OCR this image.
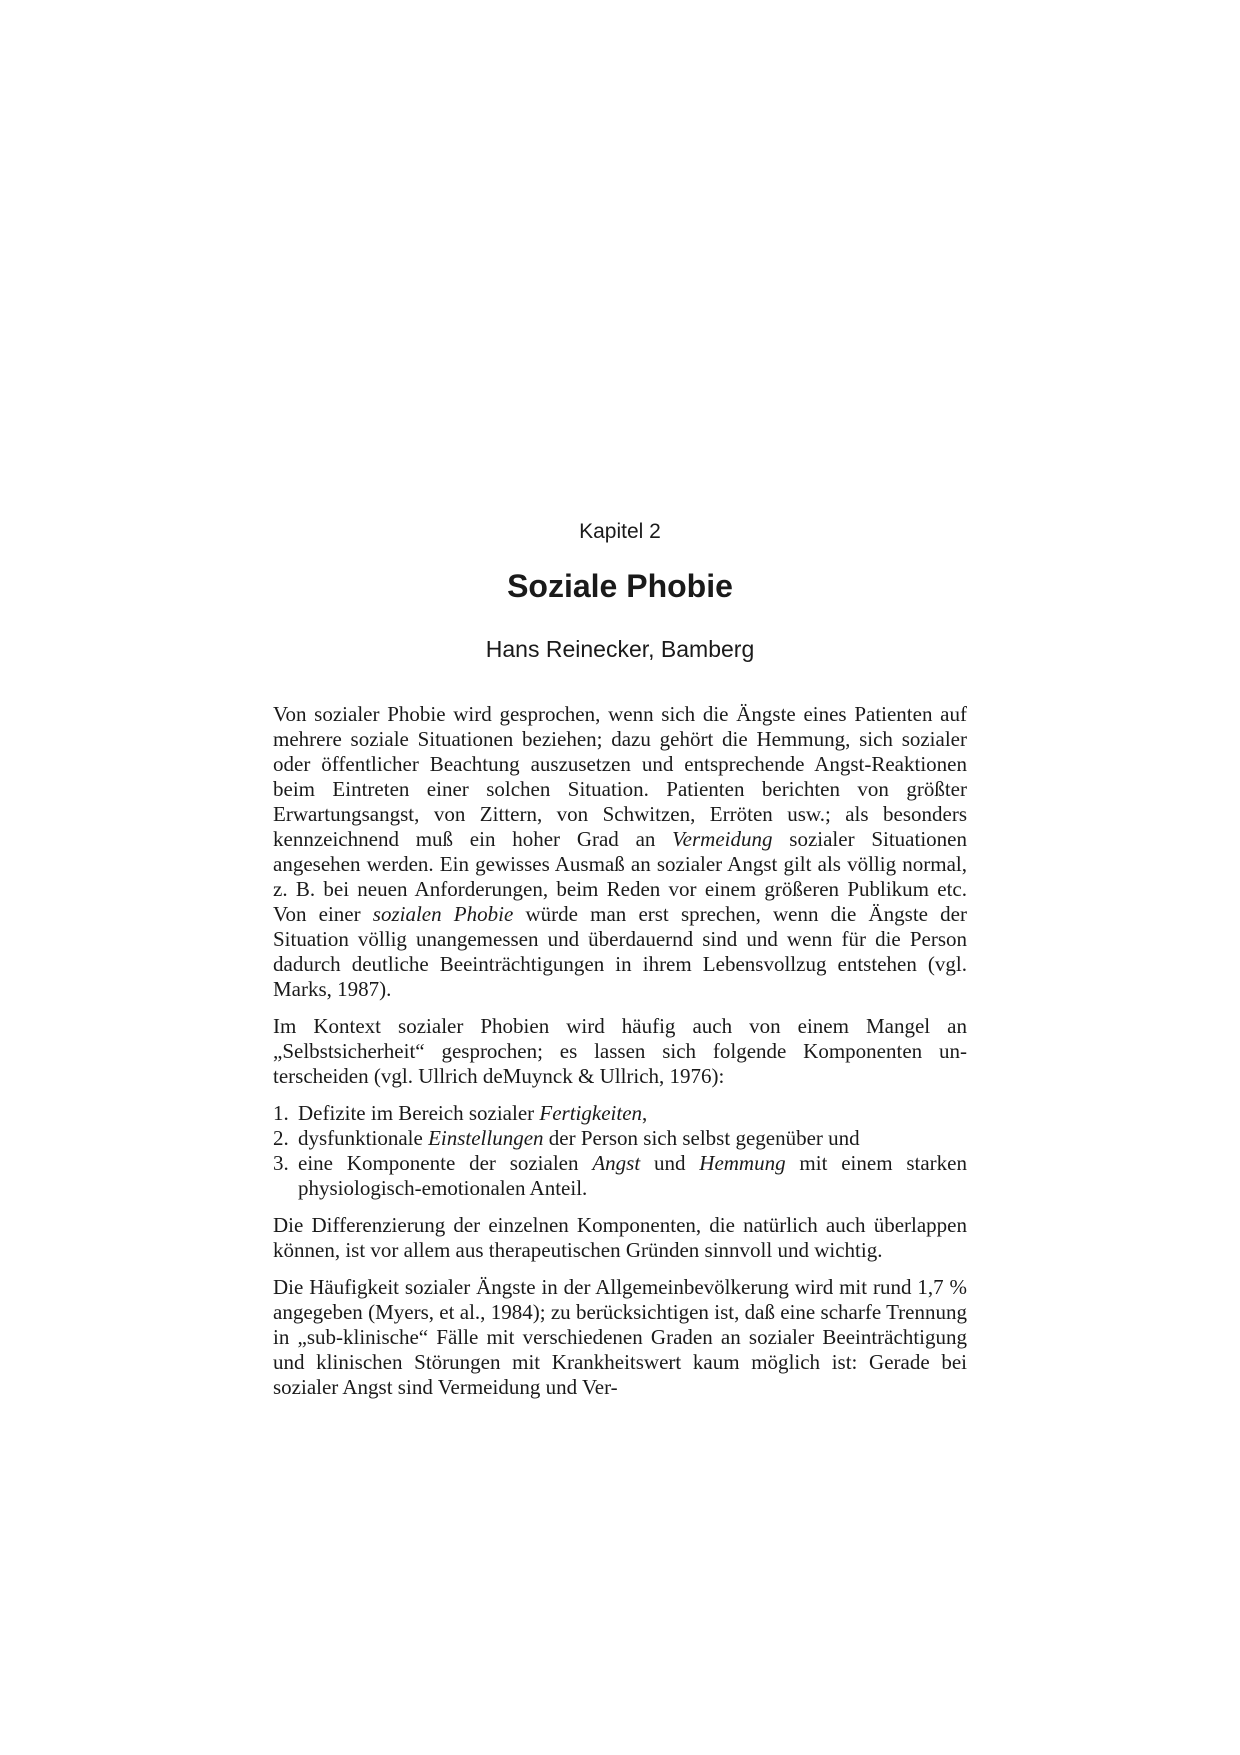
Kapitel 2
Soziale Phobie
Hans Reinecker, Bamberg

Von sozialer Phobie wird gesprochen, wenn sich die Ängste eines Patienten auf mehrere soziale Situationen beziehen; dazu gehört die Hemmung, sich sozialer oder öffentlicher Beachtung auszusetzen und entsprechende Angst-Reaktionen beim Eintreten einer solchen Situation. Patienten berichten von größter Erwartungsangst, von Zittern, von Schwitzen, Erröten usw.; als besonders kennzeichnend muß ein hoher Grad an Vermeidung sozialer Situationen angesehen werden. Ein gewisses Ausmaß an sozialer Angst gilt als völlig normal, z. B. bei neuen Anforderungen, beim Reden vor einem größeren Publikum etc. Von einer sozialen Phobie würde man erst sprechen, wenn die Ängste der Situation völlig unangemessen und überdauernd sind und wenn für die Person dadurch deutliche Beeinträchtigungen in ihrem Lebensvollzug entstehen (vgl. Marks, 1987).

Im Kontext sozialer Phobien wird häufig auch von einem Mangel an „Selbstsicherheit“ gesprochen; es lassen sich folgende Komponenten unterscheiden (vgl. Ullrich deMuynck & Ullrich, 1976):

1. Defizite im Bereich sozialer Fertigkeiten,
2. dysfunktionale Einstellungen der Person sich selbst gegenüber und
3. eine Komponente der sozialen Angst und Hemmung mit einem starken physiologisch-emotionalen Anteil.

Die Differenzierung der einzelnen Komponenten, die natürlich auch überlappen können, ist vor allem aus therapeutischen Gründen sinnvoll und wichtig.

Die Häufigkeit sozialer Ängste in der Allgemeinbevölkerung wird mit rund 1,7 % angegeben (Myers, et al., 1984); zu berücksichtigen ist, daß eine scharfe Trennung in „sub-klinische“ Fälle mit verschiedenen Graden an sozialer Beeinträchtigung und klinischen Störungen mit Krankheitswert kaum möglich ist: Gerade bei sozialer Angst sind Vermeidung und Ver-
